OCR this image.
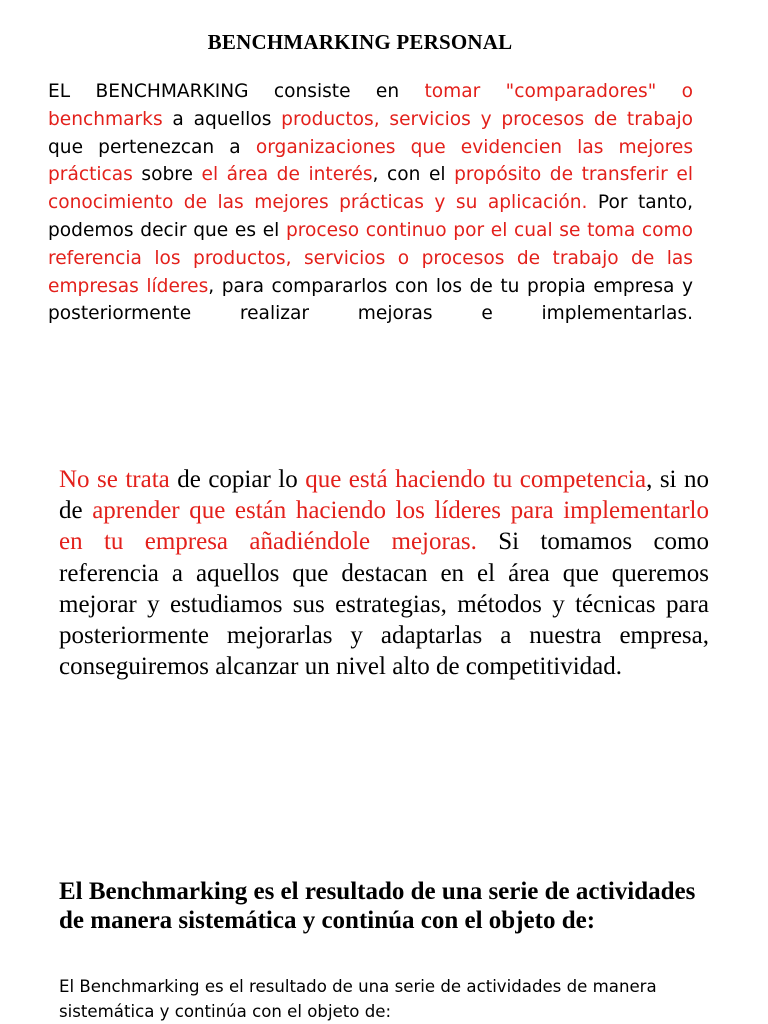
BENCHMARKING PERSONAL
EL BENCHMARKING consiste en tomar "comparadores" o benchmarks a aquellos productos, servicios y procesos de trabajo que pertenezcan a organizaciones que evidencien las mejores prácticas sobre el área de interés, con el propósito de transferir el conocimiento de las mejores prácticas y su aplicación. Por tanto, podemos decir que es el proceso continuo por el cual se toma como referencia los productos, servicios o procesos de trabajo de las empresas líderes, para compararlos con los de tu propia empresa y posteriormente realizar mejoras e implementarlas.
No se trata de copiar lo que está haciendo tu competencia, si no de aprender que están haciendo los líderes para implementarlo en tu empresa añadiéndole mejoras. Si tomamos como referencia a aquellos que destacan en el área que queremos mejorar y estudiamos sus estrategias, métodos y técnicas para posteriormente mejorarlas y adaptarlas a nuestra empresa, conseguiremos alcanzar un nivel alto de competitividad.
El Benchmarking es el resultado de una serie de actividades de manera sistemática y continúa con el objeto de:
El Benchmarking es el resultado de una serie de actividades de manera sistemática y continúa con el objeto de:
